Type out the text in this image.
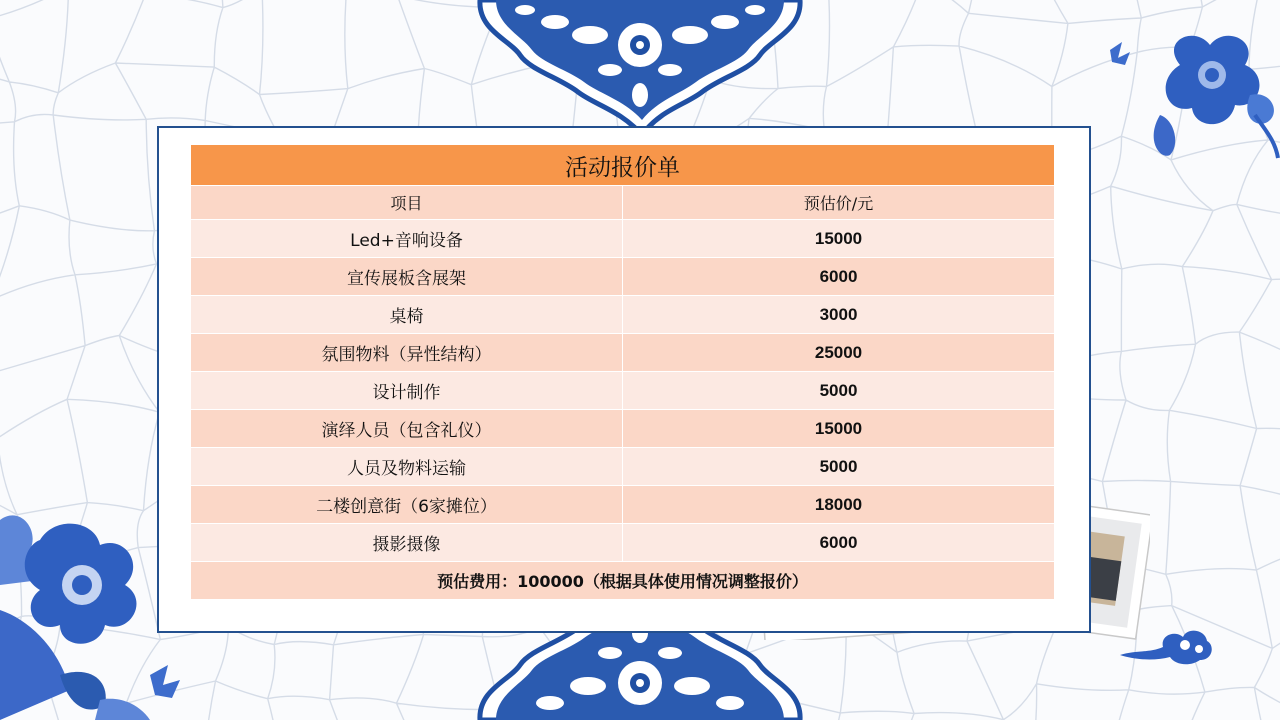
活动报价单	
项目	预估价/元
Led+音响设备	15000
宣传展板含展架	6000
桌椅	3000
氛围物料（异性结构）	25000
设计制作	5000
演绎人员（包含礼仪）	15000
人员及物料运输	5000
二楼创意街（6家摊位）	18000
摄影摄像	6000
预估费用：100000（根据具体使用情况调整报价）	
